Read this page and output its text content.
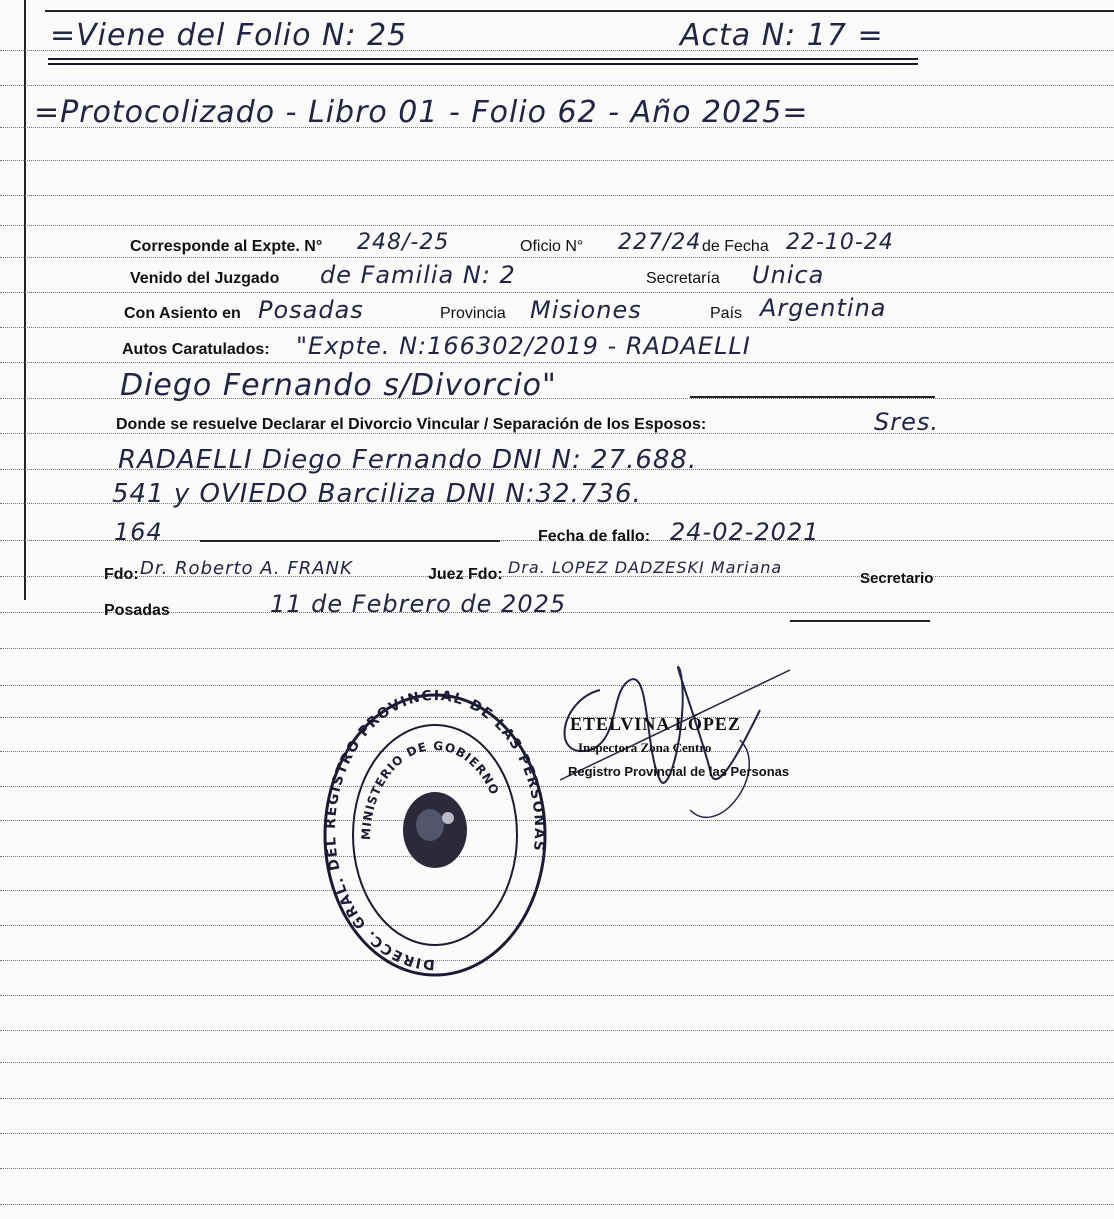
=Viene del Folio N: 25	Acta N: 17 =
=Protocolizado - Libro 01 - Folio 62 - Año 2025=
Corresponde al Expte. N° 248/-25	Oficio N° 227/24 de Fecha 22-10-24
Venido del Juzgado de Familia N: 2	Secretaría Unica
Con Asiento en Posadas	Provincia Misiones	País Argentina
Autos Caratulados: "Expte. N:166302/2019 - RADAELLI
Diego Fernando s/Divorcio"
Donde se resuelve Declarar el Divorcio Vincular / Separación de los Esposos:	Sres.
RADAELLI Diego Fernando DNI N: 27.688.
541 y OVIEDO Barciliza DNI N:32.736.
164	Fecha de fallo: 24-02-2021
Fdo: Dr. Roberto A. FRANK	Juez Fdo: Dra. LOPEZ DADZESKI Mariana
Secretario
Posadas	11 de Febrero de 2025
DIRECC. GRAL. DEL REGISTRO PROVINCIAL DE LAS PERSONAS
MINISTERIO DE GOBIERNO
ETELVINA LÓPEZ
Inspectora Zona Centro
Registro Provincial de las Personas
